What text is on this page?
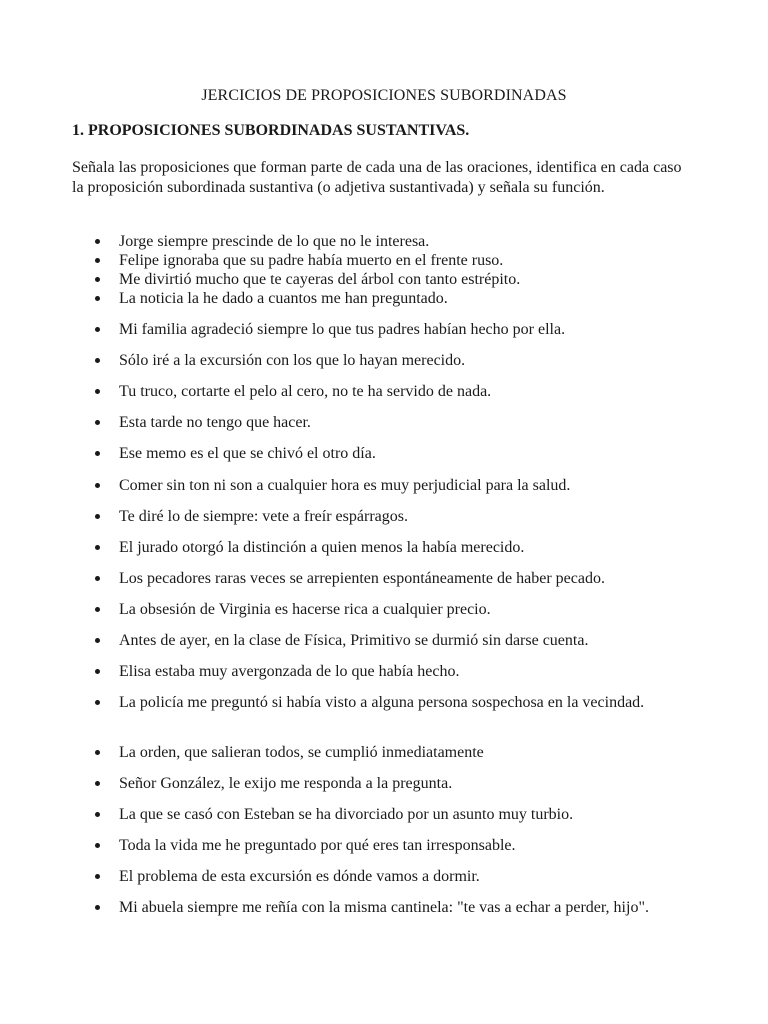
JERCICIOS DE PROPOSICIONES SUBORDINADAS
1. PROPOSICIONES SUBORDINADAS SUSTANTIVAS.

Señala las proposiciones que forman parte de cada una de las oraciones, identifica en cada caso la proposición subordinada sustantiva (o adjetiva sustantivada) y señala su función.

Jorge siempre prescinde de lo que no le interesa.
Felipe ignoraba que su padre había muerto en el frente ruso.
Me divirtió mucho que te cayeras del árbol con tanto estrépito.
La noticia la he dado a cuantos me han preguntado.
Mi familia agradeció siempre lo que tus padres habían hecho por ella.
Sólo iré a la excursión con los que lo hayan merecido.
Tu truco, cortarte el pelo al cero, no te ha servido de nada.
Esta tarde no tengo que hacer.
Ese memo es el que se chivó el otro día.
Comer sin ton ni son a cualquier hora es muy perjudicial para la salud.
Te diré lo de siempre: vete a freír espárragos.
El jurado otorgó la distinción a quien menos la había merecido.
Los pecadores raras veces se arrepienten espontáneamente de haber pecado.
La obsesión de Virginia es hacerse rica a cualquier precio.
Antes de ayer, en la clase de Física, Primitivo se durmió sin darse cuenta.
Elisa estaba muy avergonzada de lo que había hecho.
La policía me preguntó si había visto a alguna persona sospechosa en la vecindad.
La orden, que salieran todos, se cumplió inmediatamente
Señor González, le exijo me responda a la pregunta.
La que se casó con Esteban se ha divorciado por un asunto muy turbio.
Toda la vida me he preguntado por qué eres tan irresponsable.
El problema de esta excursión es dónde vamos a dormir.
Mi abuela siempre me reñía con la misma cantinela: "te vas a echar a perder, hijo".
